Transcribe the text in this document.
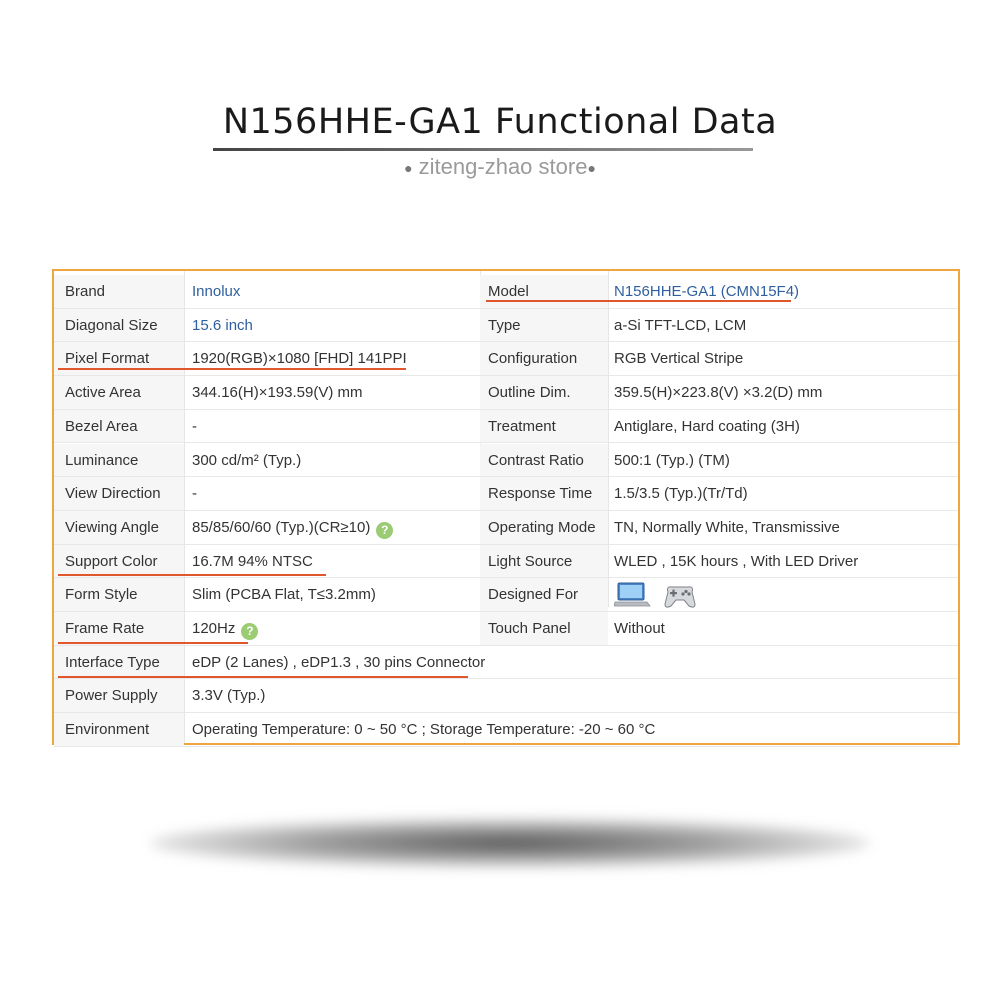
N156HHE-GA1 Functional Data
● ziteng-zhao store●
Brand	Innolux	Model	N156HHE-GA1 (CMN15F4)
Diagonal Size	15.6 inch	Type	a-Si TFT-LCD, LCM
Pixel Format	1920(RGB)×1080 [FHD] 141PPI	Configuration	RGB Vertical Stripe
Active Area	344.16(H)×193.59(V) mm	Outline Dim.	359.5(H)×223.8(V) ×3.2(D) mm
Bezel Area	-	Treatment	Antiglare, Hard coating (3H)
Luminance	300 cd/m² (Typ.)	Contrast Ratio	500:1 (Typ.) (TM)
View Direction	-	Response Time	1.5/3.5 (Typ.)(Tr/Td)
Viewing Angle	85/85/60/60 (Typ.)(CR≥10) ?	Operating Mode	TN, Normally White, Transmissive
Support Color	16.7M 94% NTSC	Light Source	WLED , 15K hours , With LED Driver
Form Style	Slim (PCBA Flat, T≤3.2mm)	Designed For
Frame Rate	120Hz ?	Touch Panel	Without
Interface Type	eDP (2 Lanes) , eDP1.3 , 30 pins Connector
Power Supply	3.3V (Typ.)
Environment	Operating Temperature: 0 ~ 50 °C ; Storage Temperature: -20 ~ 60 °C
